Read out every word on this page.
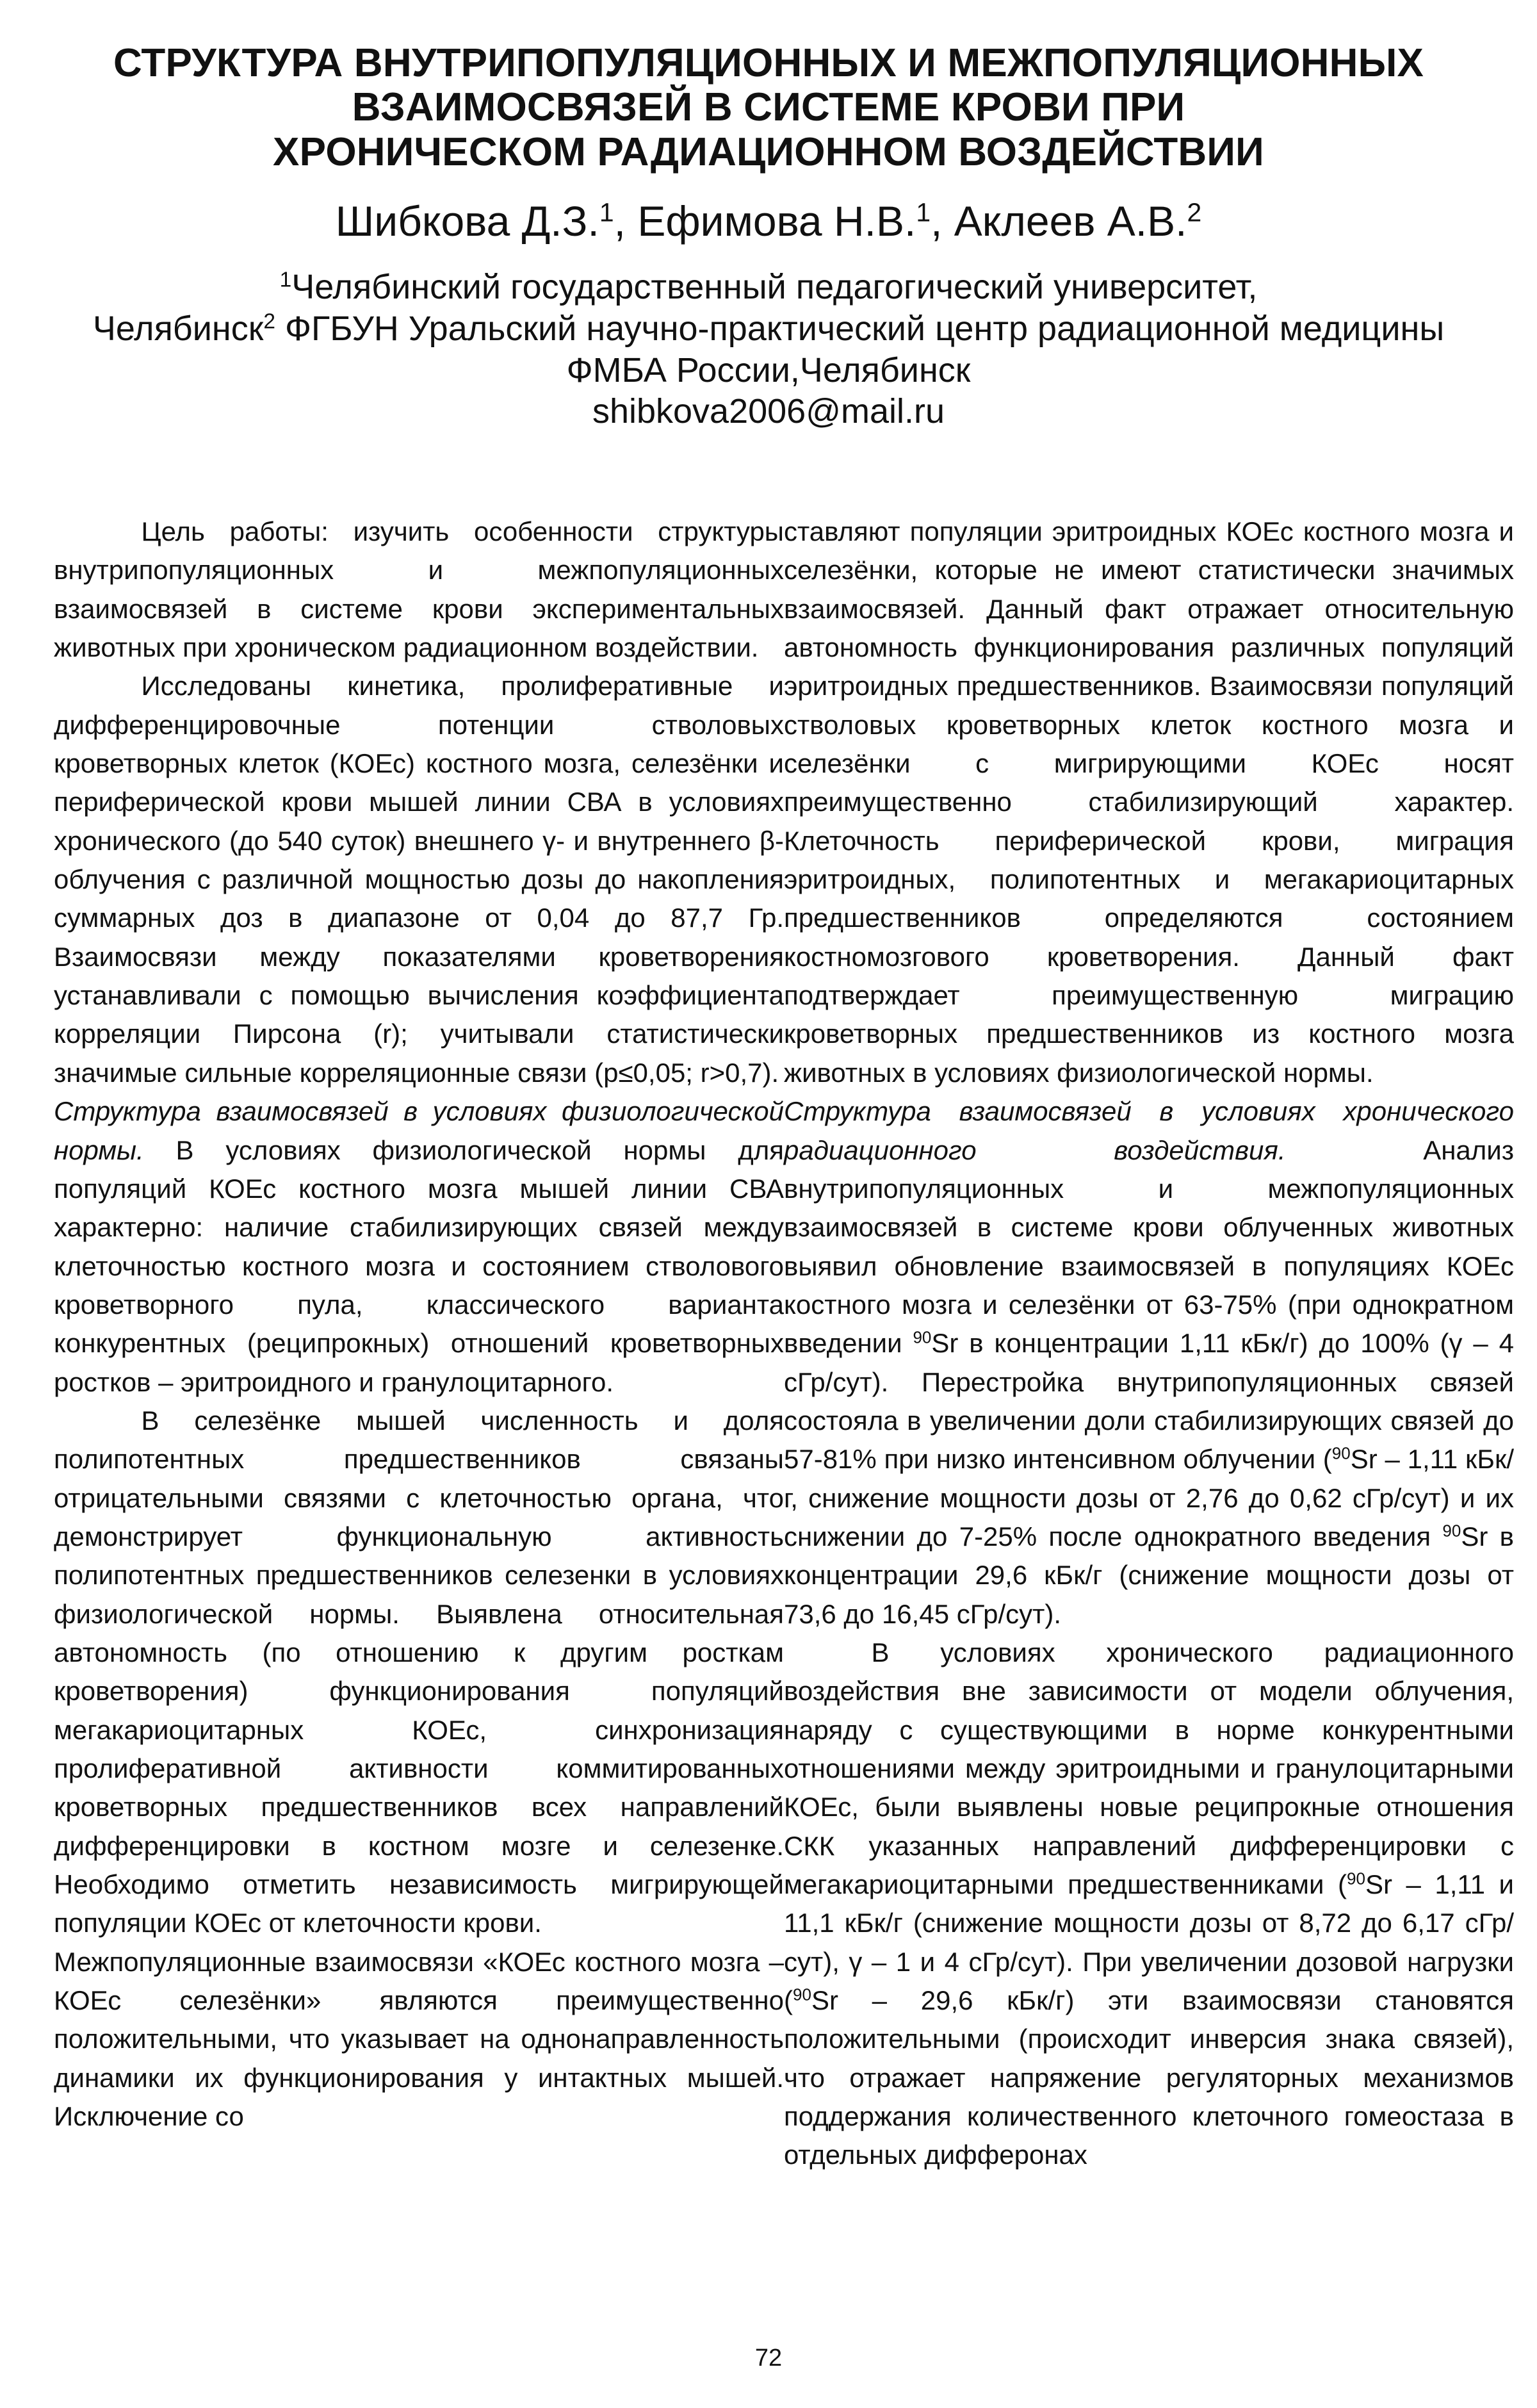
СТРУКТУРА ВНУТРИПОПУЛЯЦИОННЫХ И МЕЖПОПУЛЯЦИОННЫХ
ВЗАИМОСВЯЗЕЙ В СИСТЕМЕ КРОВИ ПРИ
ХРОНИЧЕСКОМ РАДИАЦИОННОМ ВОЗДЕЙСТВИИ

Шибкова Д.З.$^1$, Ефимова Н.В.$^1$, Аклеев А.В.$^2$

$^1$Челябинский государственный педагогический университет,
Челябинск$^2$ ФГБУН Уральский научно-практический центр радиационной медицины
ФМБА России,Челябинск
shibkova2006@mail.ru

Цель работы: изучить особенности структуры внутрипопуляционных и межпопуляционных взаимосвязей в системе крови экспериментальных животных при хроническом радиационном воздействии.

Исследованы кинетика, пролиферативные и дифференцировочные потенции стволовых кроветворных клеток (КОЕс) костного мозга, селезёнки и периферической крови мышей линии СВА в условиях хронического (до 540 суток) внешнего γ- и внутреннего β-облучения с различной мощностью дозы до накопления суммарных доз в диапазоне от 0,04 до 87,7 Гр. Взаимосвязи между показателями кроветворения устанавливали с помощью вычисления коэффициента корреляции Пирсона (r); учитывали статистически значимые сильные корреляционные связи (p≤0,05; r>0,7).

Структура взаимосвязей в условиях физиологической нормы. В условиях физиологической нормы для популяций КОЕс костного мозга мышей линии СВА характерно: наличие стабилизирующих связей между клеточностью костного мозга и состоянием стволового кроветворного пула, классического варианта конкурентных (реципрокных) отношений кроветворных ростков – эритроидного и гранулоцитарного.

В селезёнке мышей численность и доля полипотентных предшественников связаны отрицательными связями с клеточностью органа, что демонстрирует функциональную активность полипотентных предшественников селезенки в условиях физиологической нормы. Выявлена относительная автономность (по отношению к другим росткам кроветворения) функционирования популяций мегакариоцитарных КОЕс, синхронизация пролиферативной активности коммитированных кроветворных предшественников всех направлений дифференцировки в костном мозге и селезенке. Необходимо отметить независимость мигрирующей популяции КОЕс от клеточности крови.

Межпопуляционные взаимосвязи «КОЕс костного мозга – КОЕс селезёнки» являются преимущественно положительными, что указывает на однонаправленность динамики их функционирования у интактных мышей. Исключение со

ставляют популяции эритроидных КОЕс костного мозга и селезёнки, которые не имеют статистически значимых взаимосвязей. Данный факт отражает относительную автономность функционирования различных популяций эритроидных предшественников. Взаимосвязи популяций стволовых кроветворных клеток костного мозга и селезёнки с мигрирующими КОЕс носят преимущественно стабилизирующий характер. Клеточность периферической крови, миграция эритроидных, полипотентных и мегакариоцитарных предшественников определяются состоянием костномозгового кроветворения. Данный факт подтверждает преимущественную миграцию кроветворных предшественников из костного мозга животных в условиях физиологической нормы.

Структура взаимосвязей в условиях хронического радиационного воздействия. Анализ внутрипопуляционных и межпопуляционных взаимосвязей в системе крови облученных животных выявил обновление взаимосвязей в популяциях КОЕс костного мозга и селезёнки от 63-75% (при однократном введении $^{90}$Sr в концентрации 1,11 кБк/г) до 100% (γ – 4 сГр/сут). Перестройка внутрипопуляционных связей состояла в увеличении доли стабилизирующих связей до 57-81% при низко интенсивном облучении ($^{90}$Sr – 1,11 кБк/г, снижение мощности дозы от 2,76 до 0,62 сГр/сут) и их снижении до 7-25% после однократного введения $^{90}$Sr в концентрации 29,6 кБк/г (снижение мощности дозы от 73,6 до 16,45 сГр/сут).

В условиях хронического радиационного воздействия вне зависимости от модели облучения, наряду с существующими в норме конкурентными отношениями между эритроидными и гранулоцитарными КОЕс, были выявлены новые реципрокные отношения СКК указанных направлений дифференцировки с мегакариоцитарными предшественниками ($^{90}$Sr – 1,11 и 11,1 кБк/г (снижение мощности дозы от 8,72 до 6,17 сГр/сут), γ – 1 и 4 сГр/сут). При увеличении дозовой нагрузки ($^{90}$Sr – 29,6 кБк/г) эти взаимосвязи становятся положительными (происходит инверсия знака связей), что отражает напряжение регуляторных механизмов поддержания количественного клеточного гомеостаза в отдельных дифферонах

72
